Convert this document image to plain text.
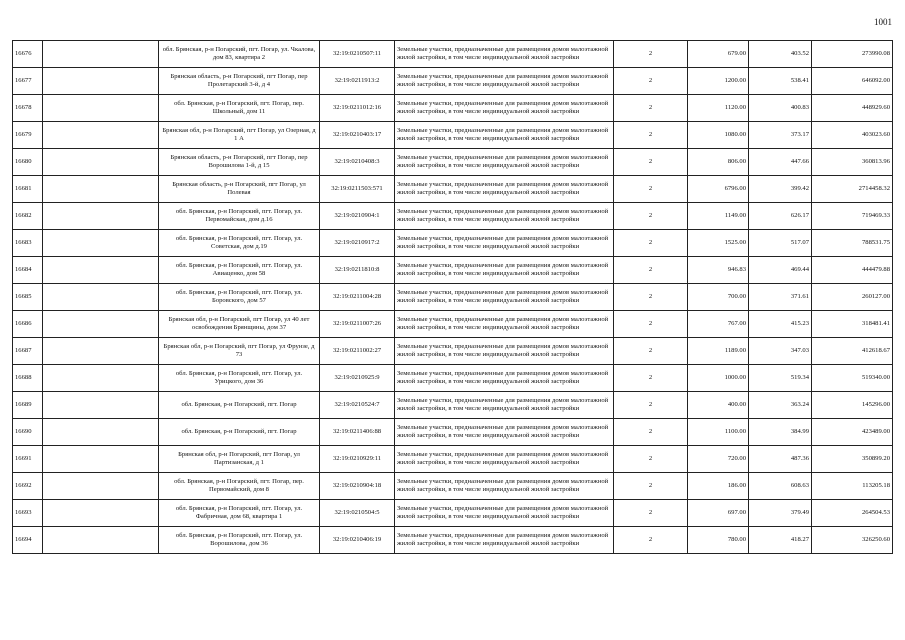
1001
16676		обл. Брянская, р-н Погарский, пгт. Погар, ул. Чкалова, дом 83, квартира 2	32:19:0210507:11	Земельные участки, предназначенные для размещения домов малоэтажной жилой застройки, в том числе индивидуальной жилой застройки	2	679.00	403.52	273990.08
16677		Брянская область, р-н Погарский, пгт Погар, пер Пролетарский 3-й, д 4	32:19:0211913:2	Земельные участки, предназначенные для размещения домов малоэтажной жилой застройки, в том числе индивидуальной жилой застройки	2	1200.00	538.41	646092.00
16678		обл. Брянская, р-н Погарский, пгт. Погар, пер. Школьный, дом 11	32:19:0211012:16	Земельные участки, предназначенные для размещения домов малоэтажной жилой застройки, в том числе индивидуальной жилой застройки	2	1120.00	400.83	448929.60
16679		Брянская обл, р-н Погарский, пгт Погар, ул Озерная, д 1 А	32:19:0210403:17	Земельные участки, предназначенные для размещения домов малоэтажной жилой застройки, в том числе индивидуальной жилой застройки	2	1080.00	373.17	403023.60
16680		Брянская область, р-н Погарский, пгт Погар, пер Ворошилова 1-й, д 15	32:19:0210408:3	Земельные участки, предназначенные для размещения домов малоэтажной жилой застройки, в том числе индивидуальной жилой застройки	2	806.00	447.66	360813.96
16681		Брянская область, р-н Погарский, пгт Погар, ул Полевая	32:19:0211503:571	Земельные участки, предназначенные для размещения домов малоэтажной жилой застройки, в том числе индивидуальной жилой застройки	2	6796.00	399.42	2714458.32
16682		обл. Брянская, р-н Погарский, пгт. Погар, ул. Первомайская, дом д.16	32:19:0210904:1	Земельные участки, предназначенные для размещения домов малоэтажной жилой застройки, в том числе индивидуальной жилой застройки	2	1149.00	626.17	719469.33
16683		обл. Брянская, р-н Погарский, пгт. Погар, ул. Советская, дом д.19	32:19:0210917:2	Земельные участки, предназначенные для размещения домов малоэтажной жилой застройки, в том числе индивидуальной жилой застройки	2	1525.00	517.07	788531.75
16684		обл. Брянская, р-н Погарский, пгт. Погар, ул. Авиаценко, дом 58	32:19:0211810:8	Земельные участки, предназначенные для размещения домов малоэтажной жилой застройки, в том числе индивидуальной жилой застройки	2	946.83	469.44	444479.88
16685		обл. Брянская, р-н Погарский, пгт. Погар, ул. Боровского, дом 57	32:19:0211004:28	Земельные участки, предназначенные для размещения домов малоэтажной жилой застройки, в том числе индивидуальной жилой застройки	2	700.00	371.61	260127.00
16686		Брянская обл, р-н Погарский, пгт Погар, ул 40 лет освобождения Брянщины, дом 37	32:19:0211007:26	Земельные участки, предназначенные для размещения домов малоэтажной жилой застройки, в том числе индивидуальной жилой застройки	2	767.00	415.23	318481.41
16687		Брянская обл, р-н Погарский, пгт Погар, ул Фрунзе, д 73	32:19:0211002:27	Земельные участки, предназначенные для размещения домов малоэтажной жилой застройки, в том числе индивидуальной жилой застройки	2	1189.00	347.03	412618.67
16688		обл. Брянская, р-н Погарский, пгт. Погар, ул. Урицкого, дом 36	32:19:0210925:9	Земельные участки, предназначенные для размещения домов малоэтажной жилой застройки, в том числе индивидуальной жилой застройки	2	1000.00	519.34	519340.00
16689		обл. Брянская, р-н Погарский, пгт. Погар	32:19:0210524:7	Земельные участки, предназначенные для размещения домов малоэтажной жилой застройки, в том числе индивидуальной жилой застройки	2	400.00	363.24	145296.00
16690		обл. Брянская, р-н Погарский, пгт. Погар	32:19:0211406:88	Земельные участки, предназначенные для размещения домов малоэтажной жилой застройки, в том числе индивидуальной жилой застройки	2	1100.00	384.99	423489.00
16691		Брянская обл, р-н Погарский, пгт Погар, ул Партизанская, д 1	32:19:0210929:11	Земельные участки, предназначенные для размещения домов малоэтажной жилой застройки, в том числе индивидуальной жилой застройки	2	720.00	487.36	350899.20
16692		обл. Брянская, р-н Погарский, пгт. Погар, пер. Первомайский, дом 8	32:19:0210904:18	Земельные участки, предназначенные для размещения домов малоэтажной жилой застройки, в том числе индивидуальной жилой застройки	2	186.00	608.63	113205.18
16693		обл. Брянская, р-н Погарский, пгт. Погар, ул. Фабричная, дом 68, квартира 1	32:19:0210504:5	Земельные участки, предназначенные для размещения домов малоэтажной жилой застройки, в том числе индивидуальной жилой застройки	2	697.00	379.49	264504.53
16694		обл. Брянская, р-н Погарский, пгт. Погар, ул. Ворошилова, дом 36	32:19:0210406:19	Земельные участки, предназначенные для размещения домов малоэтажной жилой застройки, в том числе индивидуальной жилой застройки	2	780.00	418.27	326250.60
